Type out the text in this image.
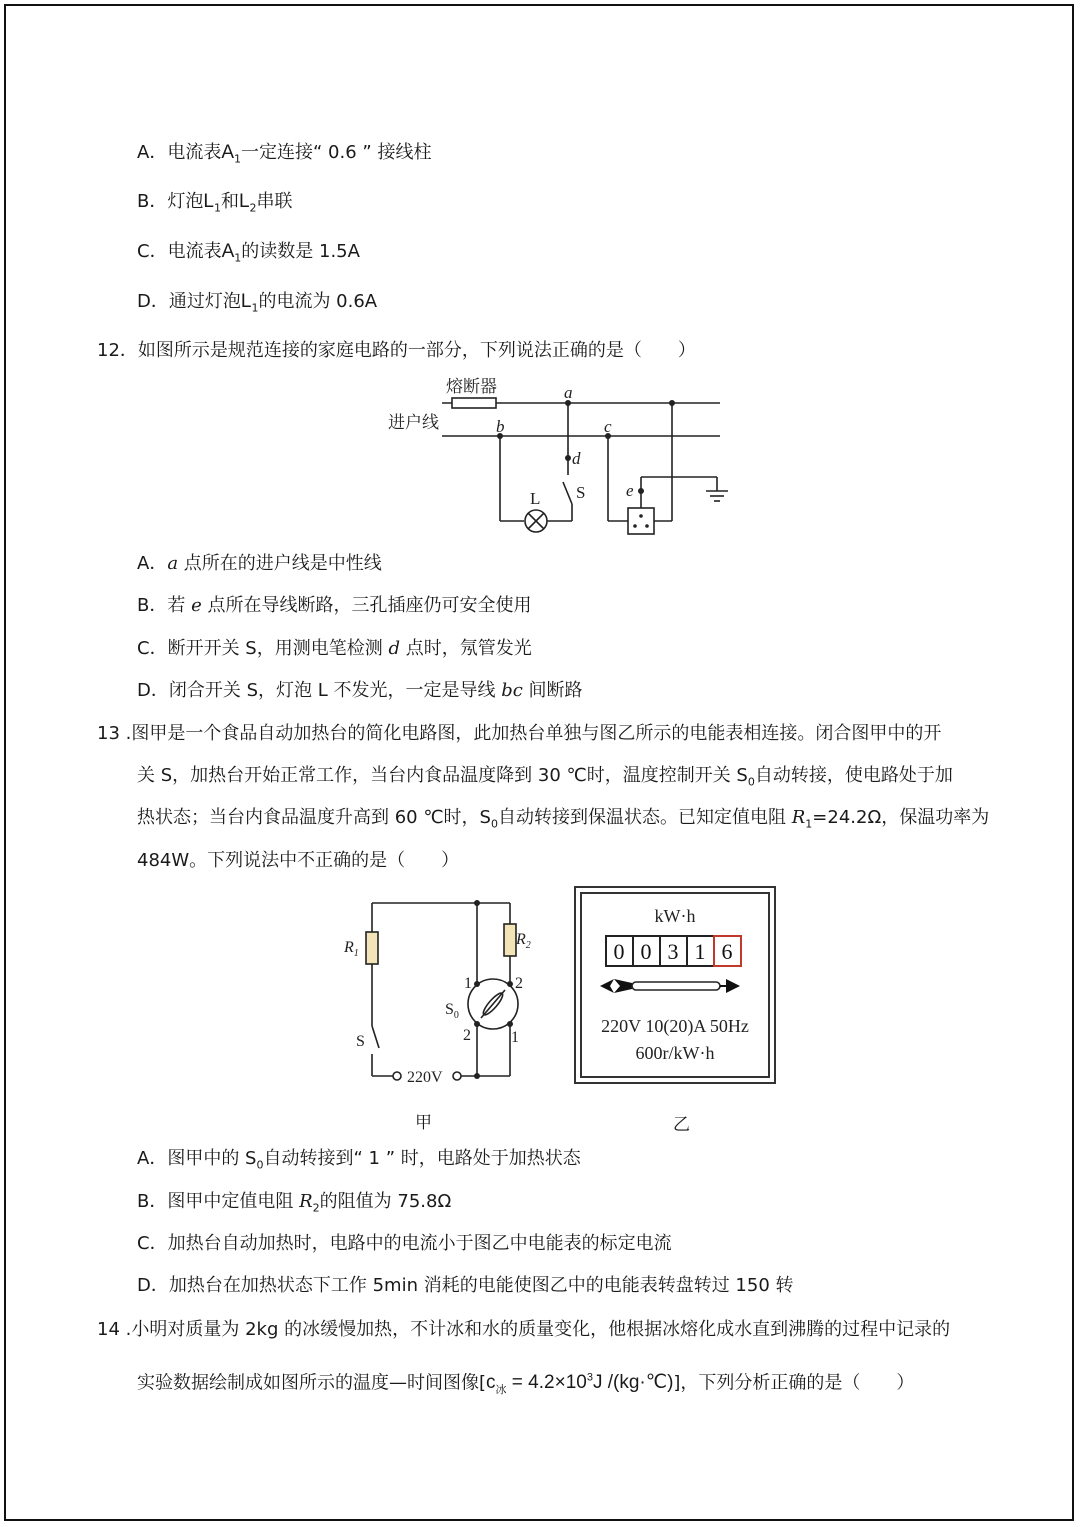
A．电流表$A_1$一定连接“ 0.6 ” 接线柱
B．灯泡$L_1$和$L_2$串联
C．电流表$A_1$的读数是 1.5A
D．通过灯泡$L_1$的电流为 0.6A
12．如图所示是规范连接的家庭电路的一部分，下列说法正确的是（　　）
熔断器
进户线
a
b	c
d
e
L S
A．a 点所在的进户线是中性线
B．若 e 点所在导线断路，三孔插座仍可安全使用
C．断开开关 S，用测电笔检测 d 点时，氖管发光
D．闭合开关 S，灯泡 L 不发光，一定是导线 bc 间断路
13 .图甲是一个食品自动加热台的简化电路图，此加热台单独与图乙所示的电能表相连接。闭合图甲中的开
关 S，加热台开始正常工作，当台内食品温度降到 30 ℃时，温度控制开关 $S_0$自动转接，使电路处于加
热状态；当台内食品温度升高到 60 ℃时，$S_0$自动转接到保温状态。已知定值电阻 $R_1=24.2\Omega$，保温功率为
484W。下列说法中不正确的是（　　）
$R_1$
$R_2$
$S_0$
S
220V
1	2
2	1
甲
kW·h
0 0 3 1 6
220V 10(20)A 50Hz
600r/kW·h
乙
A．图甲中的 $S_0$自动转接到“ 1 ” 时，电路处于加热状态
B．图甲中定值电阻 $R_2$的阻值为 75.8Ω
C．加热台自动加热时，电路中的电流小于图乙中电能表的标定电流
D．加热台在加热状态下工作 5min 消耗的电能使图乙中的电能表转盘转过 150 转
14 .小明对质量为 2kg 的冰缓慢加热，不计冰和水的质量变化，他根据冰熔化成水直到沸腾的过程中记录的
实验数据绘制成如图所示的温度—时间图像[$c_冰 = 4.2\times 10^3J$ /(kg·℃)]，下列分析正确的是（　　）
